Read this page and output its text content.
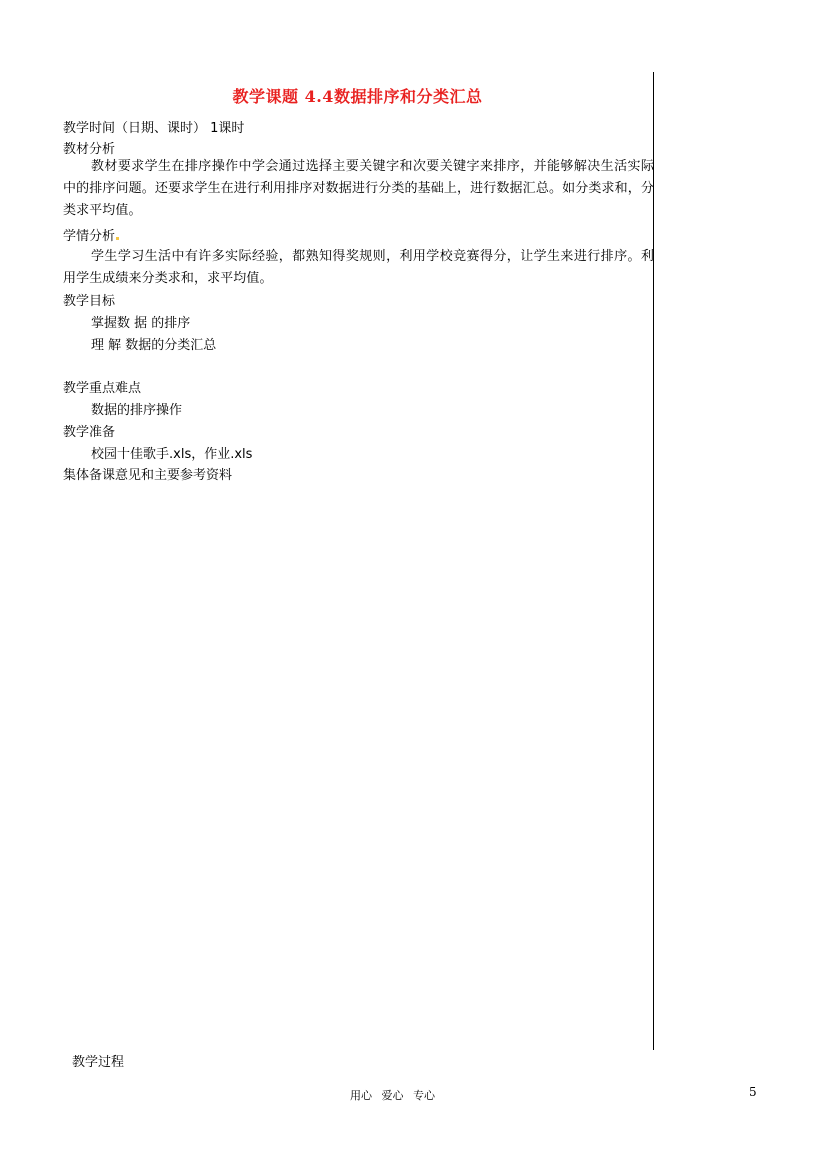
教学课题 4.4数据排序和分类汇总
教学时间（日期、课时） 1课时
教材分析
教材要求学生在排序操作中学会通过选择主要关键字和次要关键字来排序，并能够解决生活实际中的排序问题。还要求学生在进行利用排序对数据进行分类的基础上，进行数据汇总。如分类求和，分类求平均值。
学情分析
学生学习生活中有许多实际经验，都熟知得奖规则，利用学校竞赛得分，让学生来进行排序。利用学生成绩来分类求和，求平均值。
教学目标
掌握数 据 的排序
理 解 数据的分类汇总
教学重点难点
数据的排序操作
教学准备
校园十佳歌手.xls，作业.xls
集体备课意见和主要参考资料
教学过程
用心 爱心 专心	5
